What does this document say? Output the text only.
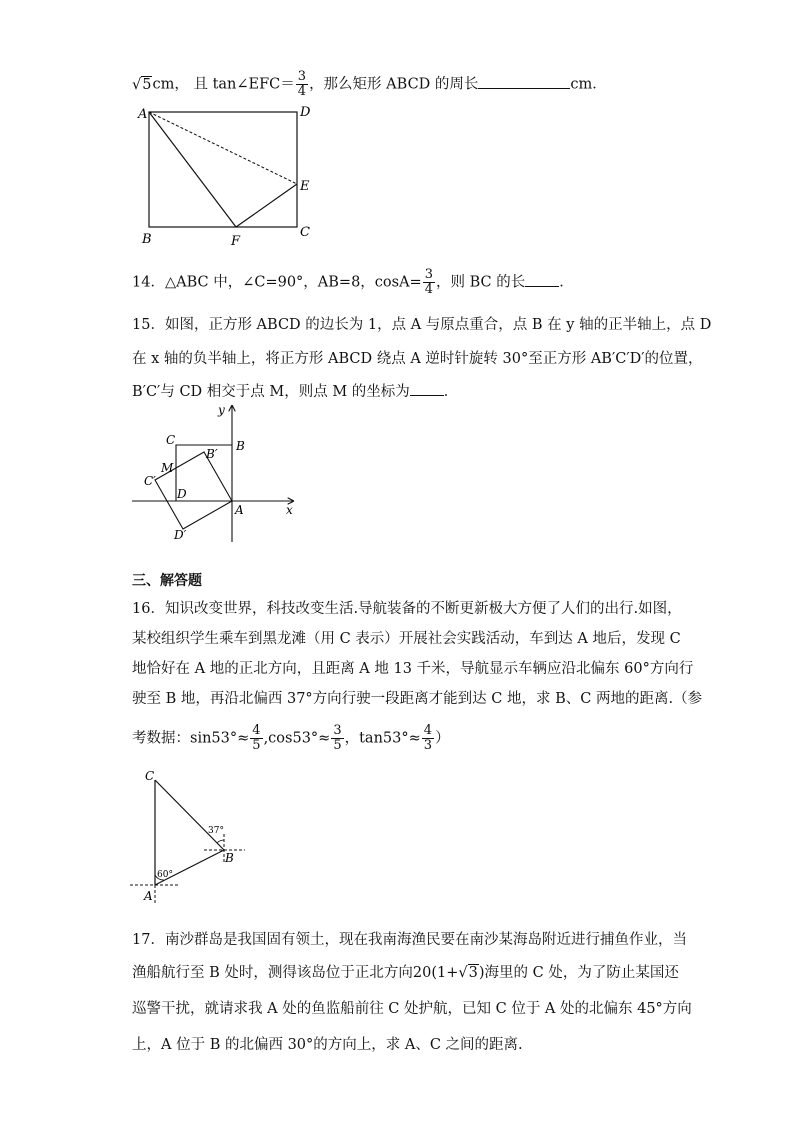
√5cm， 且 tan∠EFC＝ $\frac{3}{4}$ ，那么矩形 ABCD 的周长	cm．
A	D
E
B	F
C
14．△ABC 中，∠C=90°，AB=8，$\cos A= \frac{3}{4}$ ，则 BC 的长 ．
15．如图，正方形 ABCD 的边长为 1，点 A 与原点重合，点 B 在 y 轴的正半轴上，点 D
在 x 轴的负半轴上，将正方形 ABCD 绕点 A 逆时针旋转 30°至正方形 AB′C′D′的位置，
B′C′与 CD 相交于点 M，则点 M 的坐标为 ．
y
x
C	B
B′
M
C′
D
A
D′
三、解答题
16．知识改变世界，科技改变生活.导航装备的不断更新极大方便了人们的出行.如图，
某校组织学生乘车到黑龙滩（用 C 表示）开展社会实践活动，车到达 A 地后，发现 C
地恰好在 A 地的正北方向，且距离 A 地 13 千米，导航显示车辆应沿北偏东 60°方向行
驶至 B 地，再沿北偏西 37°方向行驶一段距离才能到达 C 地，求 B、C 两地的距离.（参
考数据：$\sin 53^\circ\approx \frac{4}{5} ,\cos 53^\circ\approx \frac{3}{5}$ ，$\tan 53^\circ\approx \frac{4}{3}$ ）
C
37°
B
60°
A
17．南沙群岛是我国固有领土，现在我南海渔民要在南沙某海岛附近进行捕鱼作业，当
渔船航行至 B 处时，测得该岛位于正北方向20(1+√3)海里的 C 处，为了防止某国还
巡警干扰，就请求我 A 处的鱼监船前往 C 处护航，已知 C 位于 A 处的北偏东 45°方向
上，A 位于 B 的北偏西 30°的方向上，求 A、C 之间的距离.
